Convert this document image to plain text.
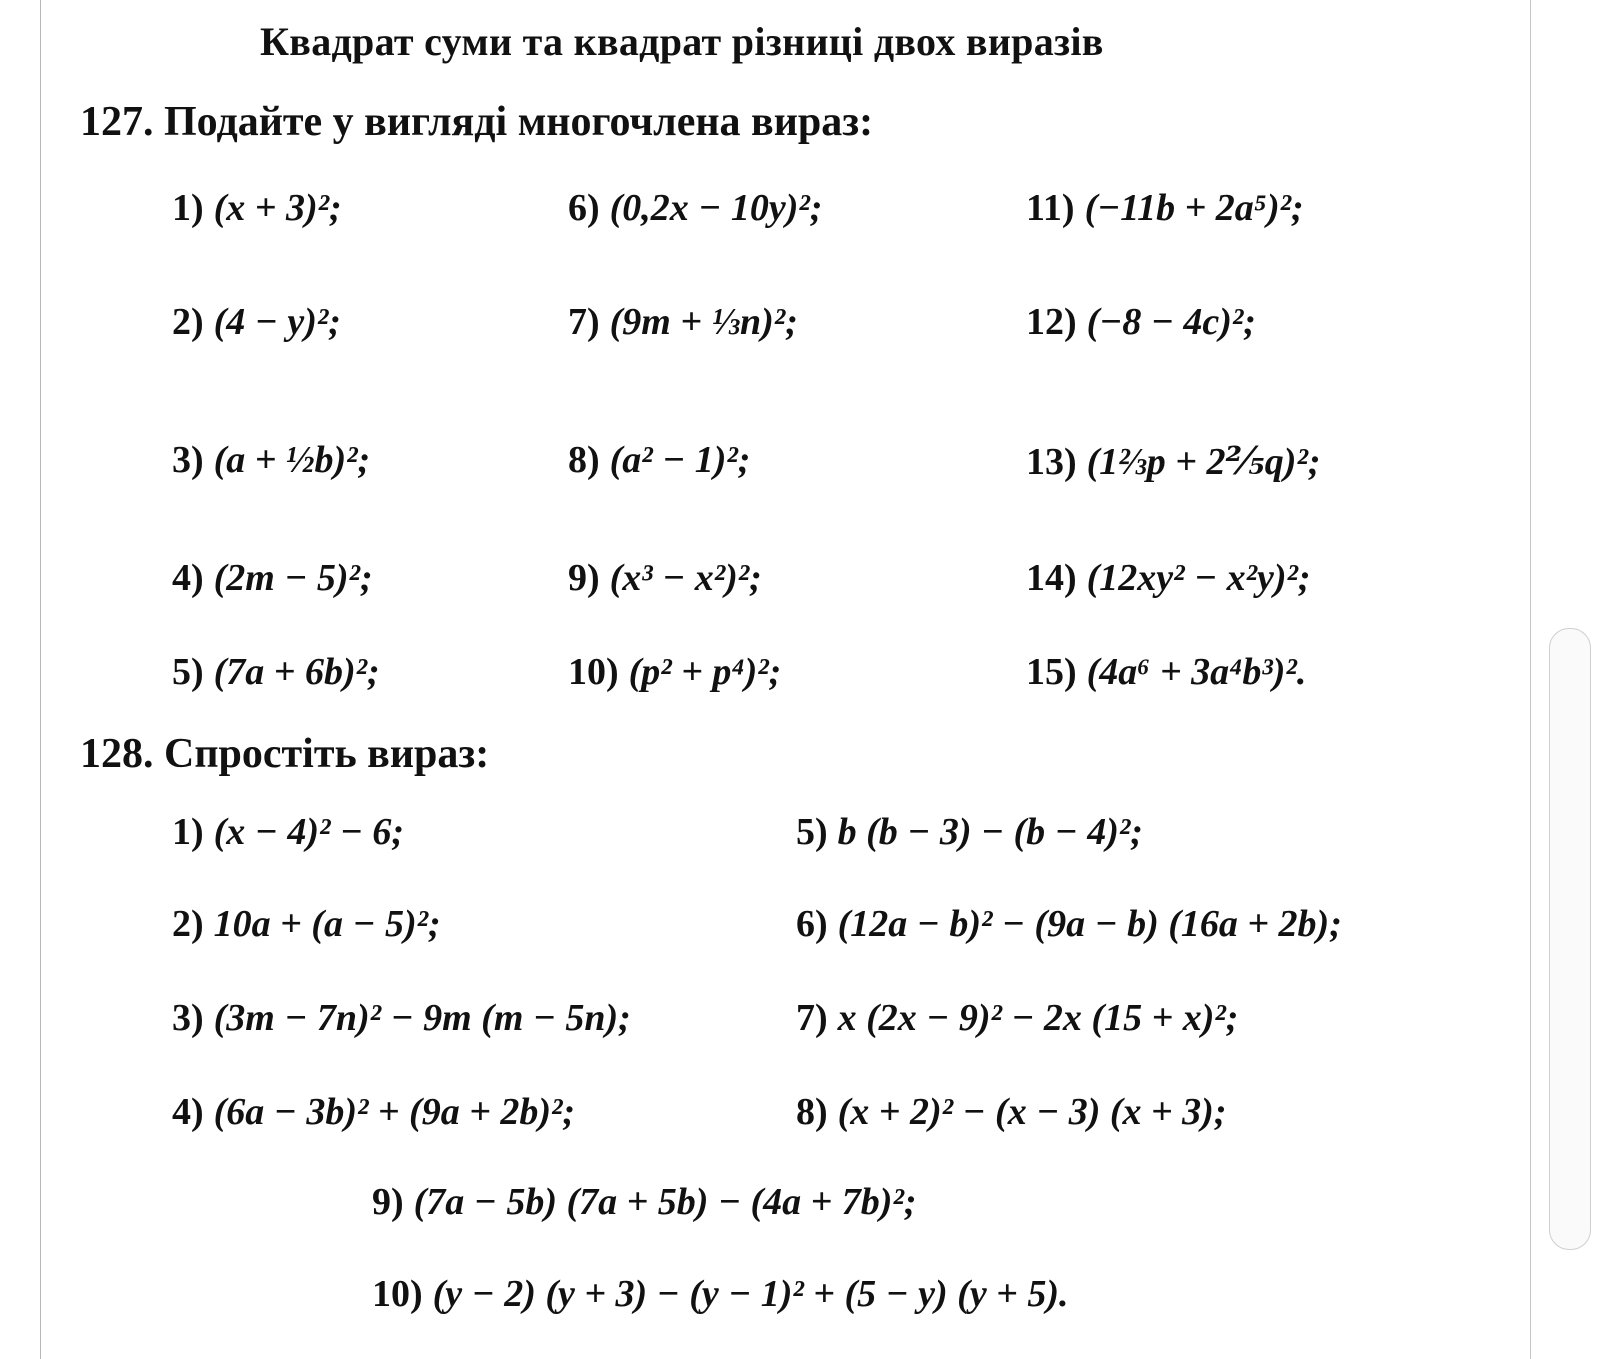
Квадрат суми та квадрат різниці двох виразів
127. Подайте у вигляді многочлена вираз:
1) (x + 3)²;
2) (4 − y)²;
3) (a + ½b)²;
4) (2m − 5)²;
5) (7a + 6b)²;
6) (0,2x − 10y)²;
7) (9m + ⅓n)²;
8) (a² − 1)²;
9) (x³ − x²)²;
10) (p² + p⁴)²;
11) (−11b + 2a⁵)²;
12) (−8 − 4c)²;
13) (1⅔p + 2⅖q)²;
14) (12xy² − x²y)²;
15) (4a⁶ + 3a⁴b³)².
128. Спростіть вираз:
1) (x − 4)² − 6;
2) 10a + (a − 5)²;
3) (3m − 7n)² − 9m (m − 5n);
4) (6a − 3b)² + (9a + 2b)²;
5) b (b − 3) − (b − 4)²;
6) (12a − b)² − (9a − b) (16a + 2b);
7) x (2x − 9)² − 2x (15 + x)²;
8) (x + 2)² − (x − 3) (x + 3);
9) (7a − 5b) (7a + 5b) − (4a + 7b)²;
10) (y − 2) (y + 3) − (y − 1)² + (5 − y) (y + 5).
